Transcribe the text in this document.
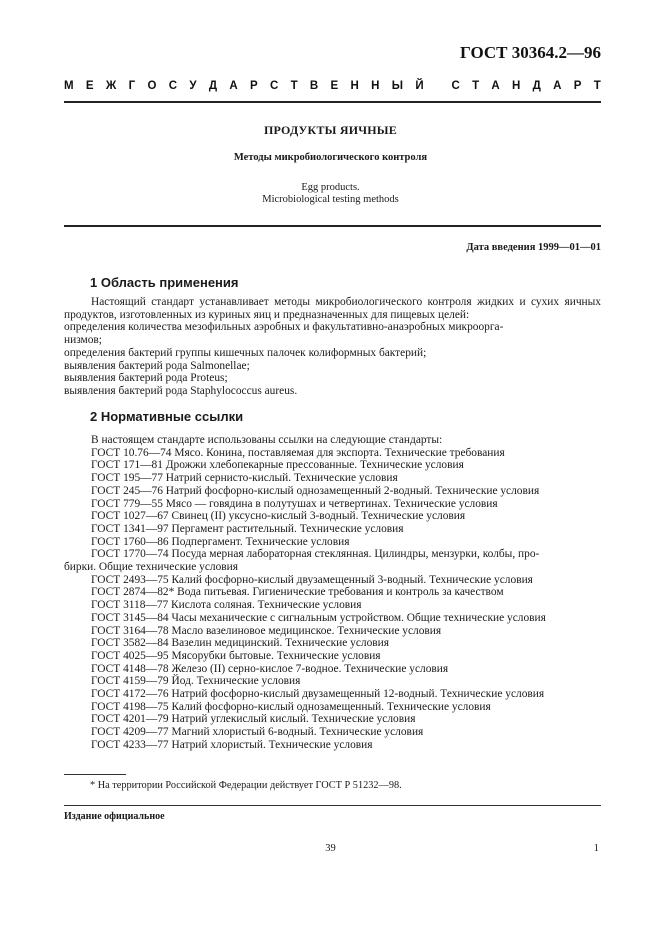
ГОСТ 30364.2—96
М Е Ж Г О С У Д А Р С Т В Е Н Н Ы Й
С Т А Н Д А Р Т
ПРОДУКТЫ ЯИЧНЫЕ
Методы микробиологического контроля
Egg products.
Microbiological testing methods
Дата введения 1999—01—01
1 Область применения
Настоящий стандарт устанавливает методы микробиологического контроля жидких и сухих яичных продуктов, изготовленных из куриных яиц и предназначенных для пищевых целей:
определения количества мезофильных аэробных и факультативно-анаэробных микроорга-
низмов;
определения бактерий группы кишечных палочек колиформных бактерий;
выявления бактерий рода Salmonellae;
выявления бактерий рода Proteus;
выявления бактерий рода Staphylococcus aureus.
2 Нормативные ссылки
В настоящем стандарте использованы ссылки на следующие стандарты:
ГОСТ 10.76—74 Мясо. Конина, поставляемая для экспорта. Технические требования
ГОСТ 171—81 Дрожжи хлебопекарные прессованные. Технические условия
ГОСТ 195—77 Натрий сернисто-кислый. Технические условия
ГОСТ 245—76 Натрий фосфорно-кислый однозамещенный 2-водный. Технические условия
ГОСТ 779—55 Мясо — говядина в полутушах и четвертинах. Технические условия
ГОСТ 1027—67 Свинец (II) уксусно-кислый 3-водный. Технические условия
ГОСТ 1341—97 Пергамент растительный. Технические условия
ГОСТ 1760—86 Подпергамент. Технические условия
ГОСТ 1770—74 Посуда мерная лабораторная стеклянная. Цилиндры, мензурки, колбы, про-
бирки. Общие технические условия
ГОСТ 2493—75 Калий фосфорно-кислый двузамещенный 3-водный. Технические условия
ГОСТ 2874—82* Вода питьевая. Гигиенические требования и контроль за качеством
ГОСТ 3118—77 Кислота соляная. Технические условия
ГОСТ 3145—84 Часы механические с сигнальным устройством. Общие технические условия
ГОСТ 3164—78 Масло вазелиновое медицинское. Технические условия
ГОСТ 3582—84 Вазелин медицинский. Технические условия
ГОСТ 4025—95 Мясорубки бытовые. Технические условия
ГОСТ 4148—78 Железо (II) серно-кислое 7-водное. Технические условия
ГОСТ 4159—79 Йод. Технические условия
ГОСТ 4172—76 Натрий фосфорно-кислый двузамещенный 12-водный. Технические условия
ГОСТ 4198—75 Калий фосфорно-кислый однозамещенный. Технические условия
ГОСТ 4201—79 Натрий углекислый кислый. Технические условия
ГОСТ 4209—77 Магний хлористый 6-водный. Технические условия
ГОСТ 4233—77 Натрий хлористый. Технические условия
* На территории Российской Федерации действует ГОСТ Р 51232—98.
Издание официальное
39	1
